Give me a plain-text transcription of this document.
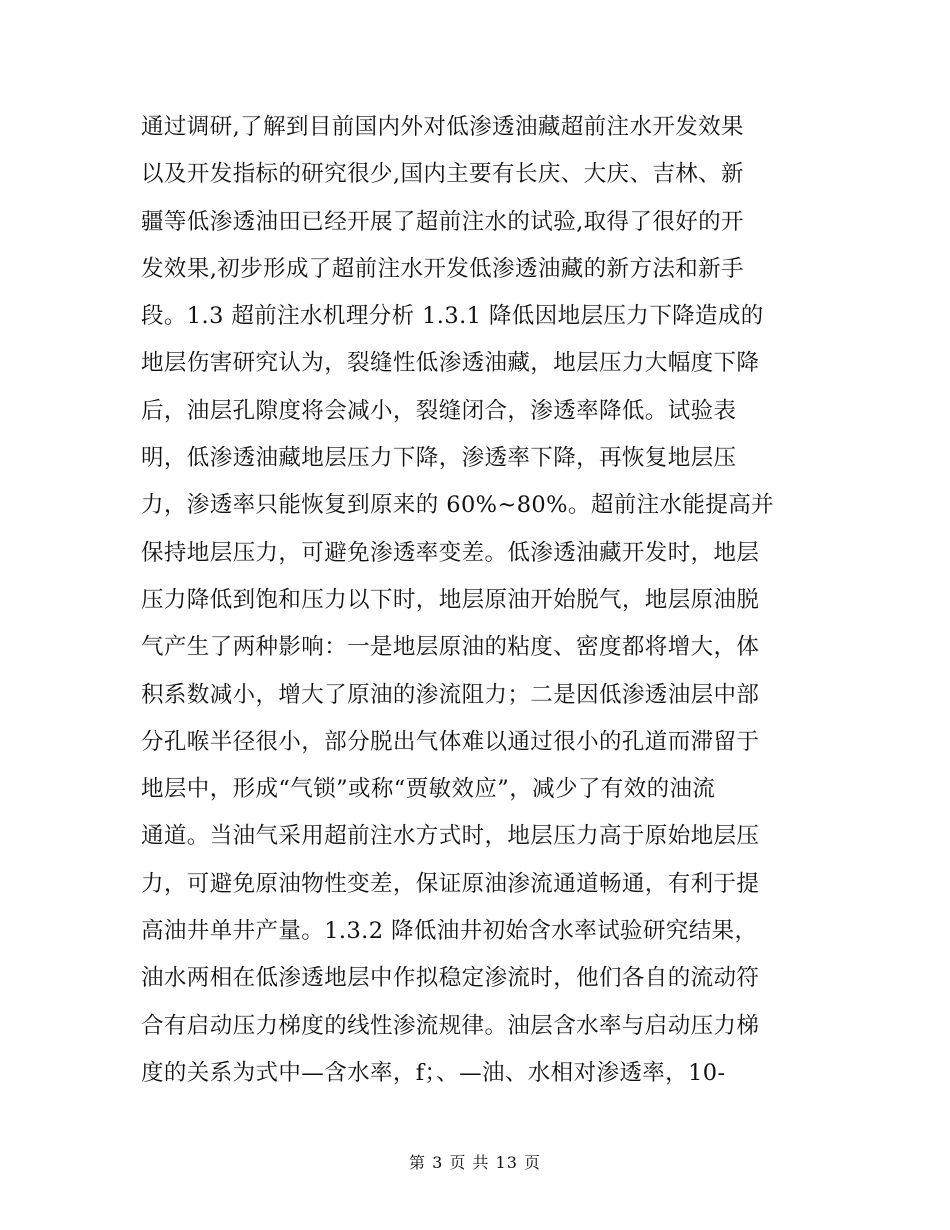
通过调研,了解到目前国内外对低渗透油藏超前注水开发效果
以及开发指标的研究很少,国内主要有长庆、大庆、吉林、新
疆等低渗透油田已经开展了超前注水的试验,取得了很好的开
发效果,初步形成了超前注水开发低渗透油藏的新方法和新手
段。1.3 超前注水机理分析 1.3.1 降低因地层压力下降造成的
地层伤害研究认为，裂缝性低渗透油藏，地层压力大幅度下降
后，油层孔隙度将会减小，裂缝闭合，渗透率降低。试验表
明，低渗透油藏地层压力下降，渗透率下降，再恢复地层压
力，渗透率只能恢复到原来的 60%~80%。超前注水能提高并
保持地层压力，可避免渗透率变差。低渗透油藏开发时，地层
压力降低到饱和压力以下时，地层原油开始脱气，地层原油脱
气产生了两种影响：一是地层原油的粘度、密度都将增大，体
积系数减小，增大了原油的渗流阻力；二是因低渗透油层中部
分孔喉半径很小，部分脱出气体难以通过很小的孔道而滞留于
地层中，形成“气锁”或称“贾敏效应”，减少了有效的油流
通道。当油气采用超前注水方式时，地层压力高于原始地层压
力，可避免原油物性变差，保证原油渗流通道畅通，有利于提
高油井单井产量。1.3.2 降低油井初始含水率试验研究结果，
油水两相在低渗透地层中作拟稳定渗流时，他们各自的流动符
合有启动压力梯度的线性渗流规律。油层含水率与启动压力梯
度的关系为式中—含水率，f；、—油、水相对渗透率，10-
第 3 页 共 13 页
